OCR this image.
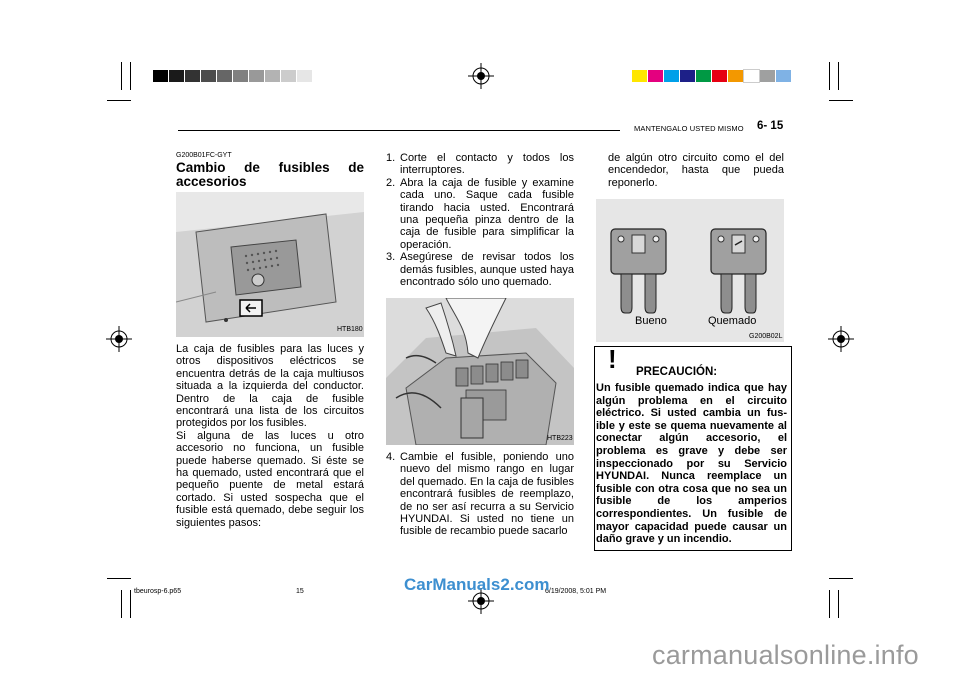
MANTENGALO USTED MISMO 6- 15
G200B01FC-GYT
Cambio de fusibles de
accesorios
HTB180
La caja de fusibles para las luces y otros dispositivos eléctricos se encuentra detrás de la caja multiusos situada a la izquierda del conductor. Dentro de la caja de fusible encontrará una lista de los circuitos protegidos por los fusibles.
Si alguna de las luces u otro accesorio no funciona, un fusible puede haberse quemado. Si éste se ha quemado, usted encontrará que el pequeño puente de metal estará cortado. Si usted sospecha que el fusible está quemado, debe seguir los siguientes pasos:
1. Corte el contacto y todos los interruptores.
2. Abra la caja de fusible y examine cada uno. Saque cada fusible tirando hacia usted. Encontrará una pequeña pinza dentro de la caja de fusible para simplificar la operación.
3. Asegúrese de revisar todos los demás fusibles, aunque usted haya encontrado sólo uno quemado.
HTB223
4. Cambie el fusible, poniendo uno nuevo del mismo rango en lugar del quemado. En la caja de fusibles encontrará fusibles de reemplazo, de no ser así recurra a su Servicio HYUNDAI. Si usted no tiene un fusible de recambio puede sacarlo
de algún otro circuito como el del encendedor, hasta que pueda reponerlo.
Bueno	Quemado
G200B02L
! PRECAUCIÓN:
Un fusible quemado indica que hay algún problema en el circuito eléctrico. Si usted cambia un fus-ible y este se quema nuevamente al conectar algún accesorio, el problema es grave y debe ser inspeccionado por su Servicio HYUNDAI. Nunca reemplace un fusible con otra cosa que no sea un fusible de los amperios correspondientes. Un fusible de mayor capacidad puede causar un daño grave y un incendio.
tbeurosp-6.p65	15	6/19/2008, 5:01 PM
CarManuals2.com
carmanualsonline.info
